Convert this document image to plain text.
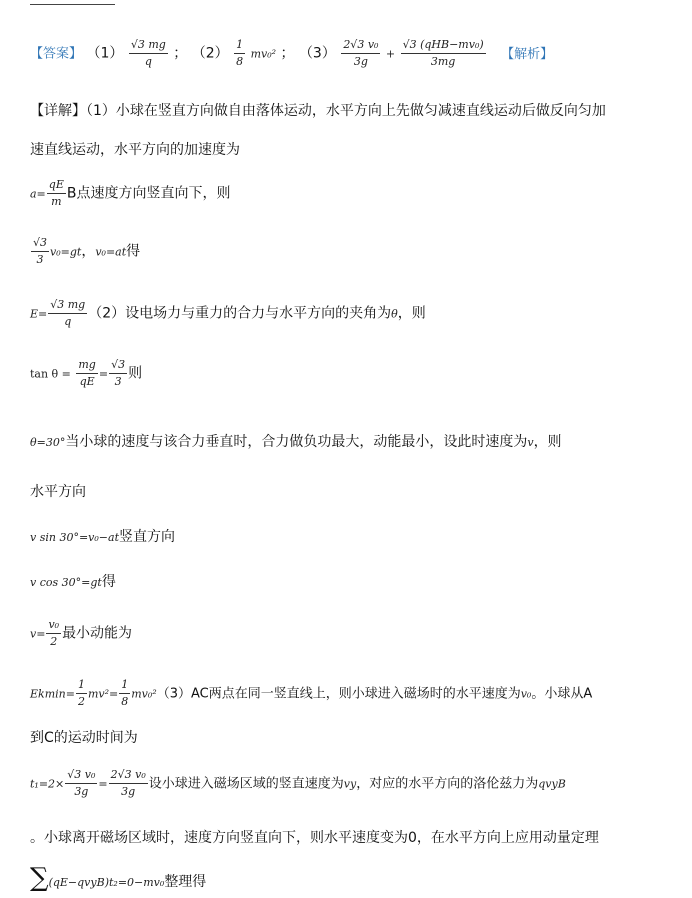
【答案】 $(1) \frac{√3 mg}{q}$ ； $(2) \frac{1}{8} mv_0^2$ ； $(3) \frac{\text{2√3 v₀}}{3g} + \frac{\text{√3 (qHB−mv₀)}}{3mg}$ 【解析】
【详解】（1）小球在竖直方向做自由落体运动，水平方向上先做匀减速直线运动后做反向匀加
速直线运动，水平方向的加速度为
$a= \frac{qE}{m}$ B点速度方向竖直向下，则
$\frac{√3}{3} v_0=gt$，v₀=at得
$E= \frac{√3 mg}{q} (2)$设电场力与重力的合力与水平方向的夹角为θ，则
$\tan \theta = \frac{mg}{qE} = \frac{√3}{3}$ 则
θ=30°当小球的速度与该合力垂直时，合力做负功最大，动能最小，设此时速度为v，则
水平方向
v sin 30°=v₀−at竖直方向
v cos 30°=gt得
$v= \frac{\text{v₀}}{2}$ 最小动能为
$Ekmin= \frac{1}{2} mv^2= \frac{1}{8} mv_0^2(3)AC$两点在同一竖直线上，则小球进入磁场时的水平速度为v₀。小球从A
到C的运动时间为
$t_1=2\times \frac{\text{√3 v₀}}{3g} = \frac{\text{2√3 v₀}}{3g}$ 设小球进入磁场区域的竖直速度为vy，对应的水平方向的洛伦兹力为qvyB
。小球离开磁场区域时，速度方向竖直向下，则水平速度变为0，在水平方向上应用动量定理
∑(qE−qvyB)t₂=0−mv₀整理得
